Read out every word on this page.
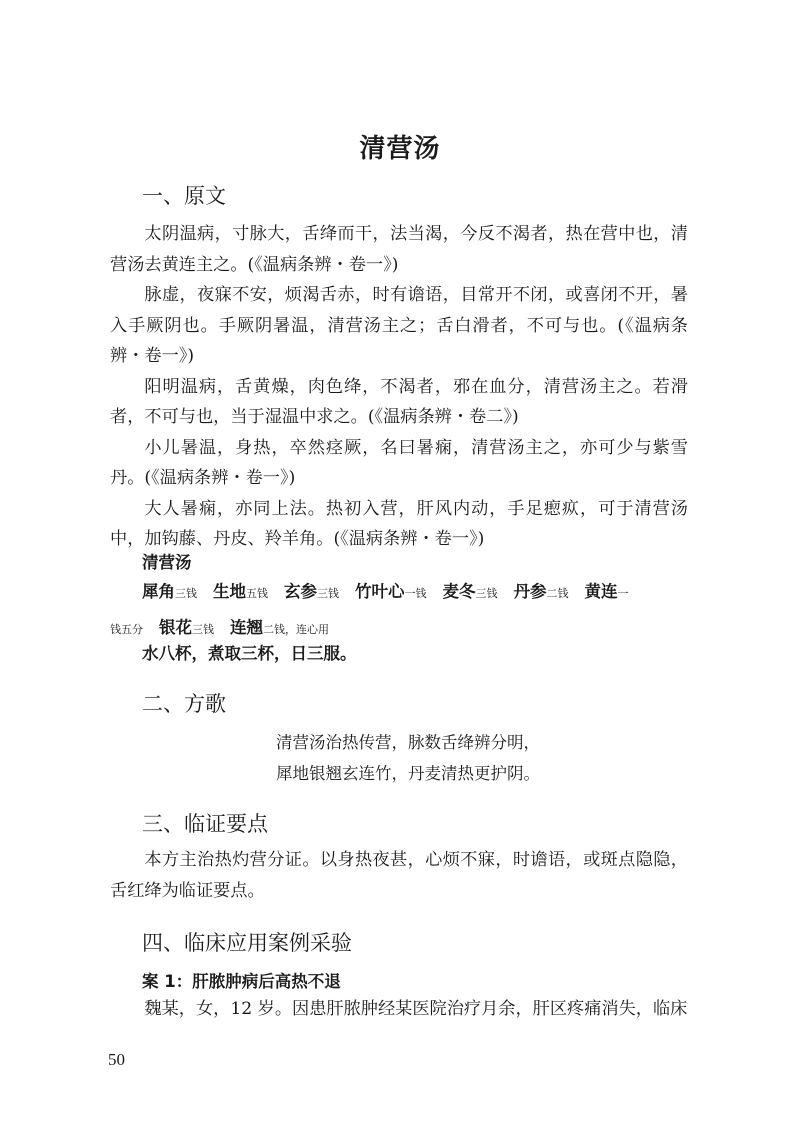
清营汤
一、原文

太阴温病，寸脉大，舌绛而干，法当渴，今反不渴者，热在营中也，清营汤去黄连主之。(《温病条辨・卷一》)

脉虚，夜寐不安，烦渴舌赤，时有谵语，目常开不闭，或喜闭不开，暑入手厥阴也。手厥阴暑温，清营汤主之；舌白滑者，不可与也。(《温病条辨・卷一》)

阳明温病，舌黄燥，肉色绛，不渴者，邪在血分，清营汤主之。若滑者，不可与也，当于湿温中求之。(《温病条辨・卷二》)

小儿暑温，身热，卒然痉厥，名曰暑痫，清营汤主之，亦可少与紫雪丹。(《温病条辨・卷一》)

大人暑痫，亦同上法。热初入营，肝风内动，手足瘛疭，可于清营汤中，加钩藤、丹皮、羚羊角。(《温病条辨・卷一》)

清营汤
犀角三钱 生地五钱 玄参三钱 竹叶心一钱 麦冬三钱 丹参二钱 黄连一
钱五分 银花三钱 连翘二钱，连心用
水八杯，煮取三杯，日三服。
二、方歌
清营汤治热传营，脉数舌绛辨分明，
犀地银翘玄连竹，丹麦清热更护阴。
三、临证要点

本方主治热灼营分证。以身热夜甚，心烦不寐，时谵语，或斑点隐隐，舌红绛为临证要点。

四、临床应用案例采验
案 1：肝脓肿病后高热不退

魏某，女，12 岁。因患肝脓肿经某医院治疗月余，肝区疼痛消失，临床

50
